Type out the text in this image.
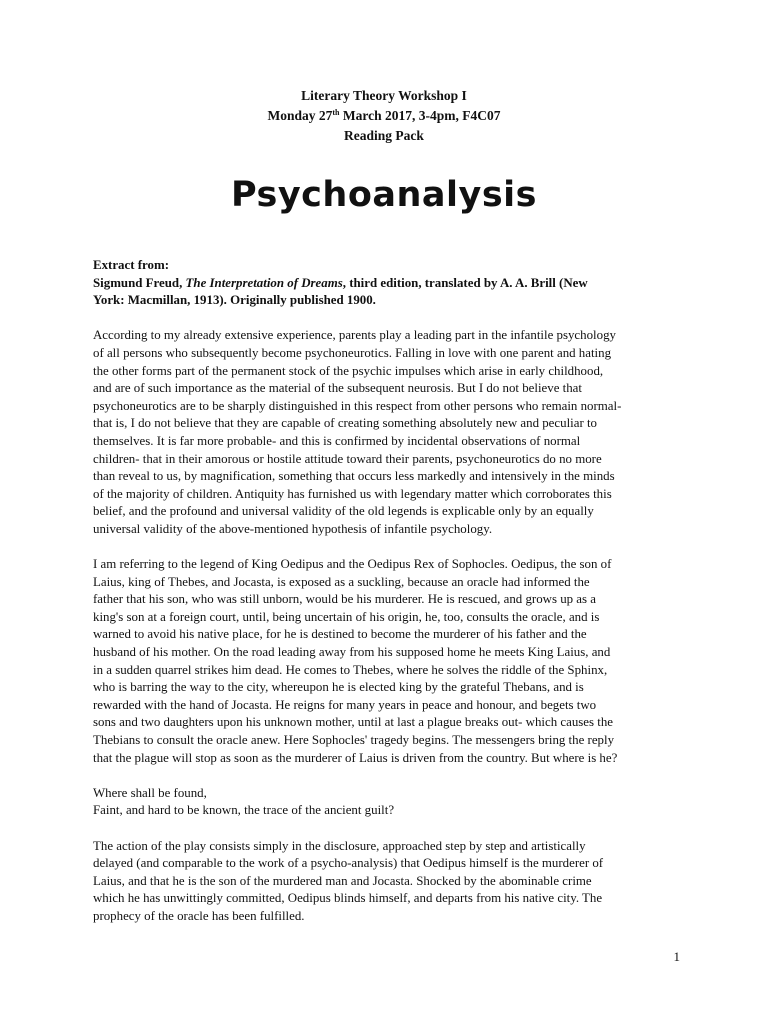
Literary Theory Workshop I
Monday 27th March 2017, 3-4pm, F4C07
Reading Pack
Psychoanalysis
Extract from:
Sigmund Freud, The Interpretation of Dreams, third edition, translated by A. A. Brill (New
York: Macmillan, 1913). Originally published 1900.

According to my already extensive experience, parents play a leading part in the infantile psychology
of all persons who subsequently become psychoneurotics. Falling in love with one parent and hating
the other forms part of the permanent stock of the psychic impulses which arise in early childhood,
and are of such importance as the material of the subsequent neurosis. But I do not believe that
psychoneurotics are to be sharply distinguished in this respect from other persons who remain normal-
that is, I do not believe that they are capable of creating something absolutely new and peculiar to
themselves. It is far more probable- and this is confirmed by incidental observations of normal
children- that in their amorous or hostile attitude toward their parents, psychoneurotics do no more
than reveal to us, by magnification, something that occurs less markedly and intensively in the minds
of the majority of children. Antiquity has furnished us with legendary matter which corroborates this
belief, and the profound and universal validity of the old legends is explicable only by an equally
universal validity of the above-mentioned hypothesis of infantile psychology.

I am referring to the legend of King Oedipus and the Oedipus Rex of Sophocles. Oedipus, the son of
Laius, king of Thebes, and Jocasta, is exposed as a suckling, because an oracle had informed the
father that his son, who was still unborn, would be his murderer. He is rescued, and grows up as a
king's son at a foreign court, until, being uncertain of his origin, he, too, consults the oracle, and is
warned to avoid his native place, for he is destined to become the murderer of his father and the
husband of his mother. On the road leading away from his supposed home he meets King Laius, and
in a sudden quarrel strikes him dead. He comes to Thebes, where he solves the riddle of the Sphinx,
who is barring the way to the city, whereupon he is elected king by the grateful Thebans, and is
rewarded with the hand of Jocasta. He reigns for many years in peace and honour, and begets two
sons and two daughters upon his unknown mother, until at last a plague breaks out- which causes the
Thebians to consult the oracle anew. Here Sophocles' tragedy begins. The messengers bring the reply
that the plague will stop as soon as the murderer of Laius is driven from the country. But where is he?

Where shall be found,
Faint, and hard to be known, the trace of the ancient guilt?

The action of the play consists simply in the disclosure, approached step by step and artistically
delayed (and comparable to the work of a psycho-analysis) that Oedipus himself is the murderer of
Laius, and that he is the son of the murdered man and Jocasta. Shocked by the abominable crime
which he has unwittingly committed, Oedipus blinds himself, and departs from his native city. The
prophecy of the oracle has been fulfilled.

1
